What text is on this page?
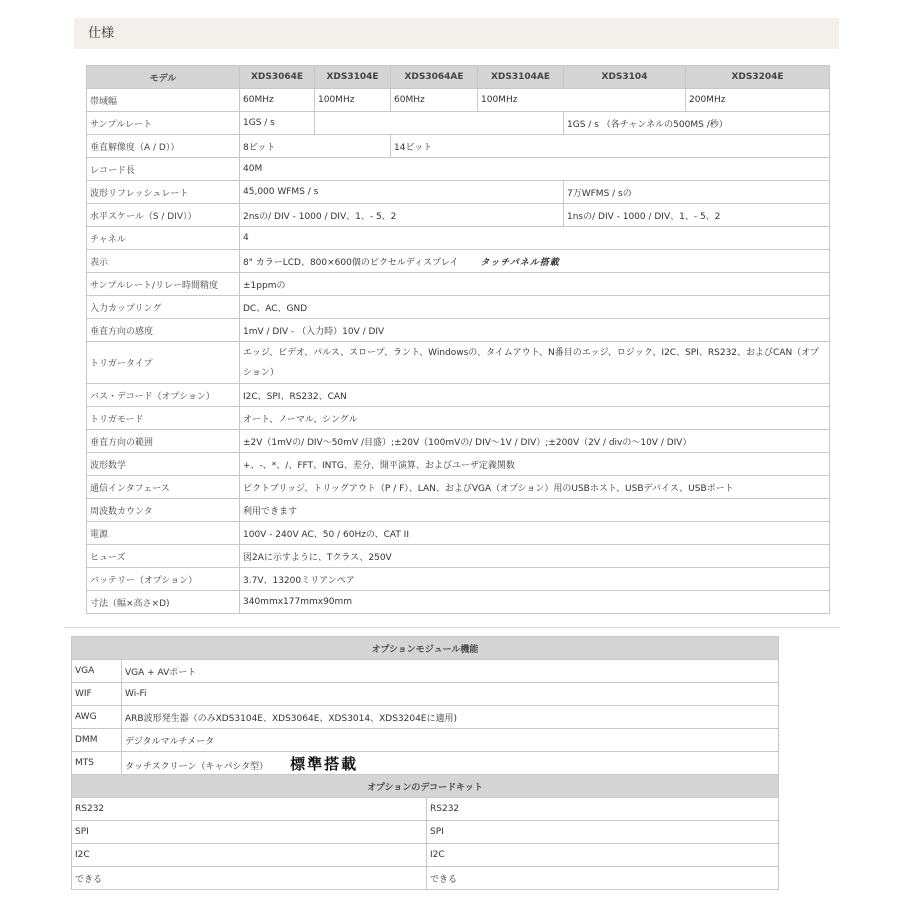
仕様
モデル	XDS3064E	XDS3104E	XDS3064AE	XDS3104AE	XDS3104	XDS3204E
帯域幅	60MHz	100MHz	60MHz	100MHz		200MHz
サンプルレート	1GS / s				1GS / s （各チャンネルの500MS /秒）	
垂直解像度（A / D））	8ビット		14ビット			
レコード長	40M					
波形リフレッシュレート	45,000 WFMS / s				7万WFMS / sの	
水平スケール（S / DIV））	2nsの/ DIV - 1000 / DIV、1、- 5、2				1nsの/ DIV - 1000 / DIV、1、- 5、2	
チャネル	4					
表示	8" カラーLCD、800×600個のピクセルディスプレイ タッチパネル搭載					
サンプルレート/リレー時間精度	±1ppmの					
入力カップリング	DC、AC、GND					
垂直方向の感度	1mV / DIV - （入力時）10V / DIV					
トリガータイプ	エッジ、ビデオ、パルス、スロープ、ラント、Windowsの、タイムアウト、N番目のエッジ、ロジック、I2C、SPI、RS232、およびCAN（オプション）					
バス・デコード（オプション）	I2C、SPI、RS232、CAN					
トリガモード	オート、ノーマル、シングル					
垂直方向の範囲	±2V（1mVの/ DIV〜50mV /目盛）;±20V（100mVの/ DIV〜1V / DIV）;±200V（2V / divの〜10V / DIV）					
波形数学	+、-、*、/、FFT、INTG、差分、開平演算、およびユーザ定義関数					
通信インタフェース	ピクトブリッジ、トリッグアウト（P / F）、LAN、およびVGA（オプション）用のUSBホスト、USBデバイス、USBポート					
周波数カウンタ	利用できます					
電源	100V - 240V AC、50 / 60Hzの、CAT II					
ヒューズ	図2Aに示すように、Tクラス、250V					
バッテリー（オプション）	3.7V、13200ミリアンペア					
寸法（幅×高さ×D)	340mmx177mmx90mm					
オプションモジュール機能		
VGA	VGA + AVポート	
WIF	Wi-Fi	
AWG	ARB波形発生器（のみXDS3104E、XDS3064E、XDS3014、XDS3204Eに適用)	
DMM	デジタルマルチメータ	
MTS	タッチスクリーン（キャパシタ型） 標準搭載	
オプションのデコードキット		
RS232		RS232
SPI		SPI
I2C		I2C
できる		できる
